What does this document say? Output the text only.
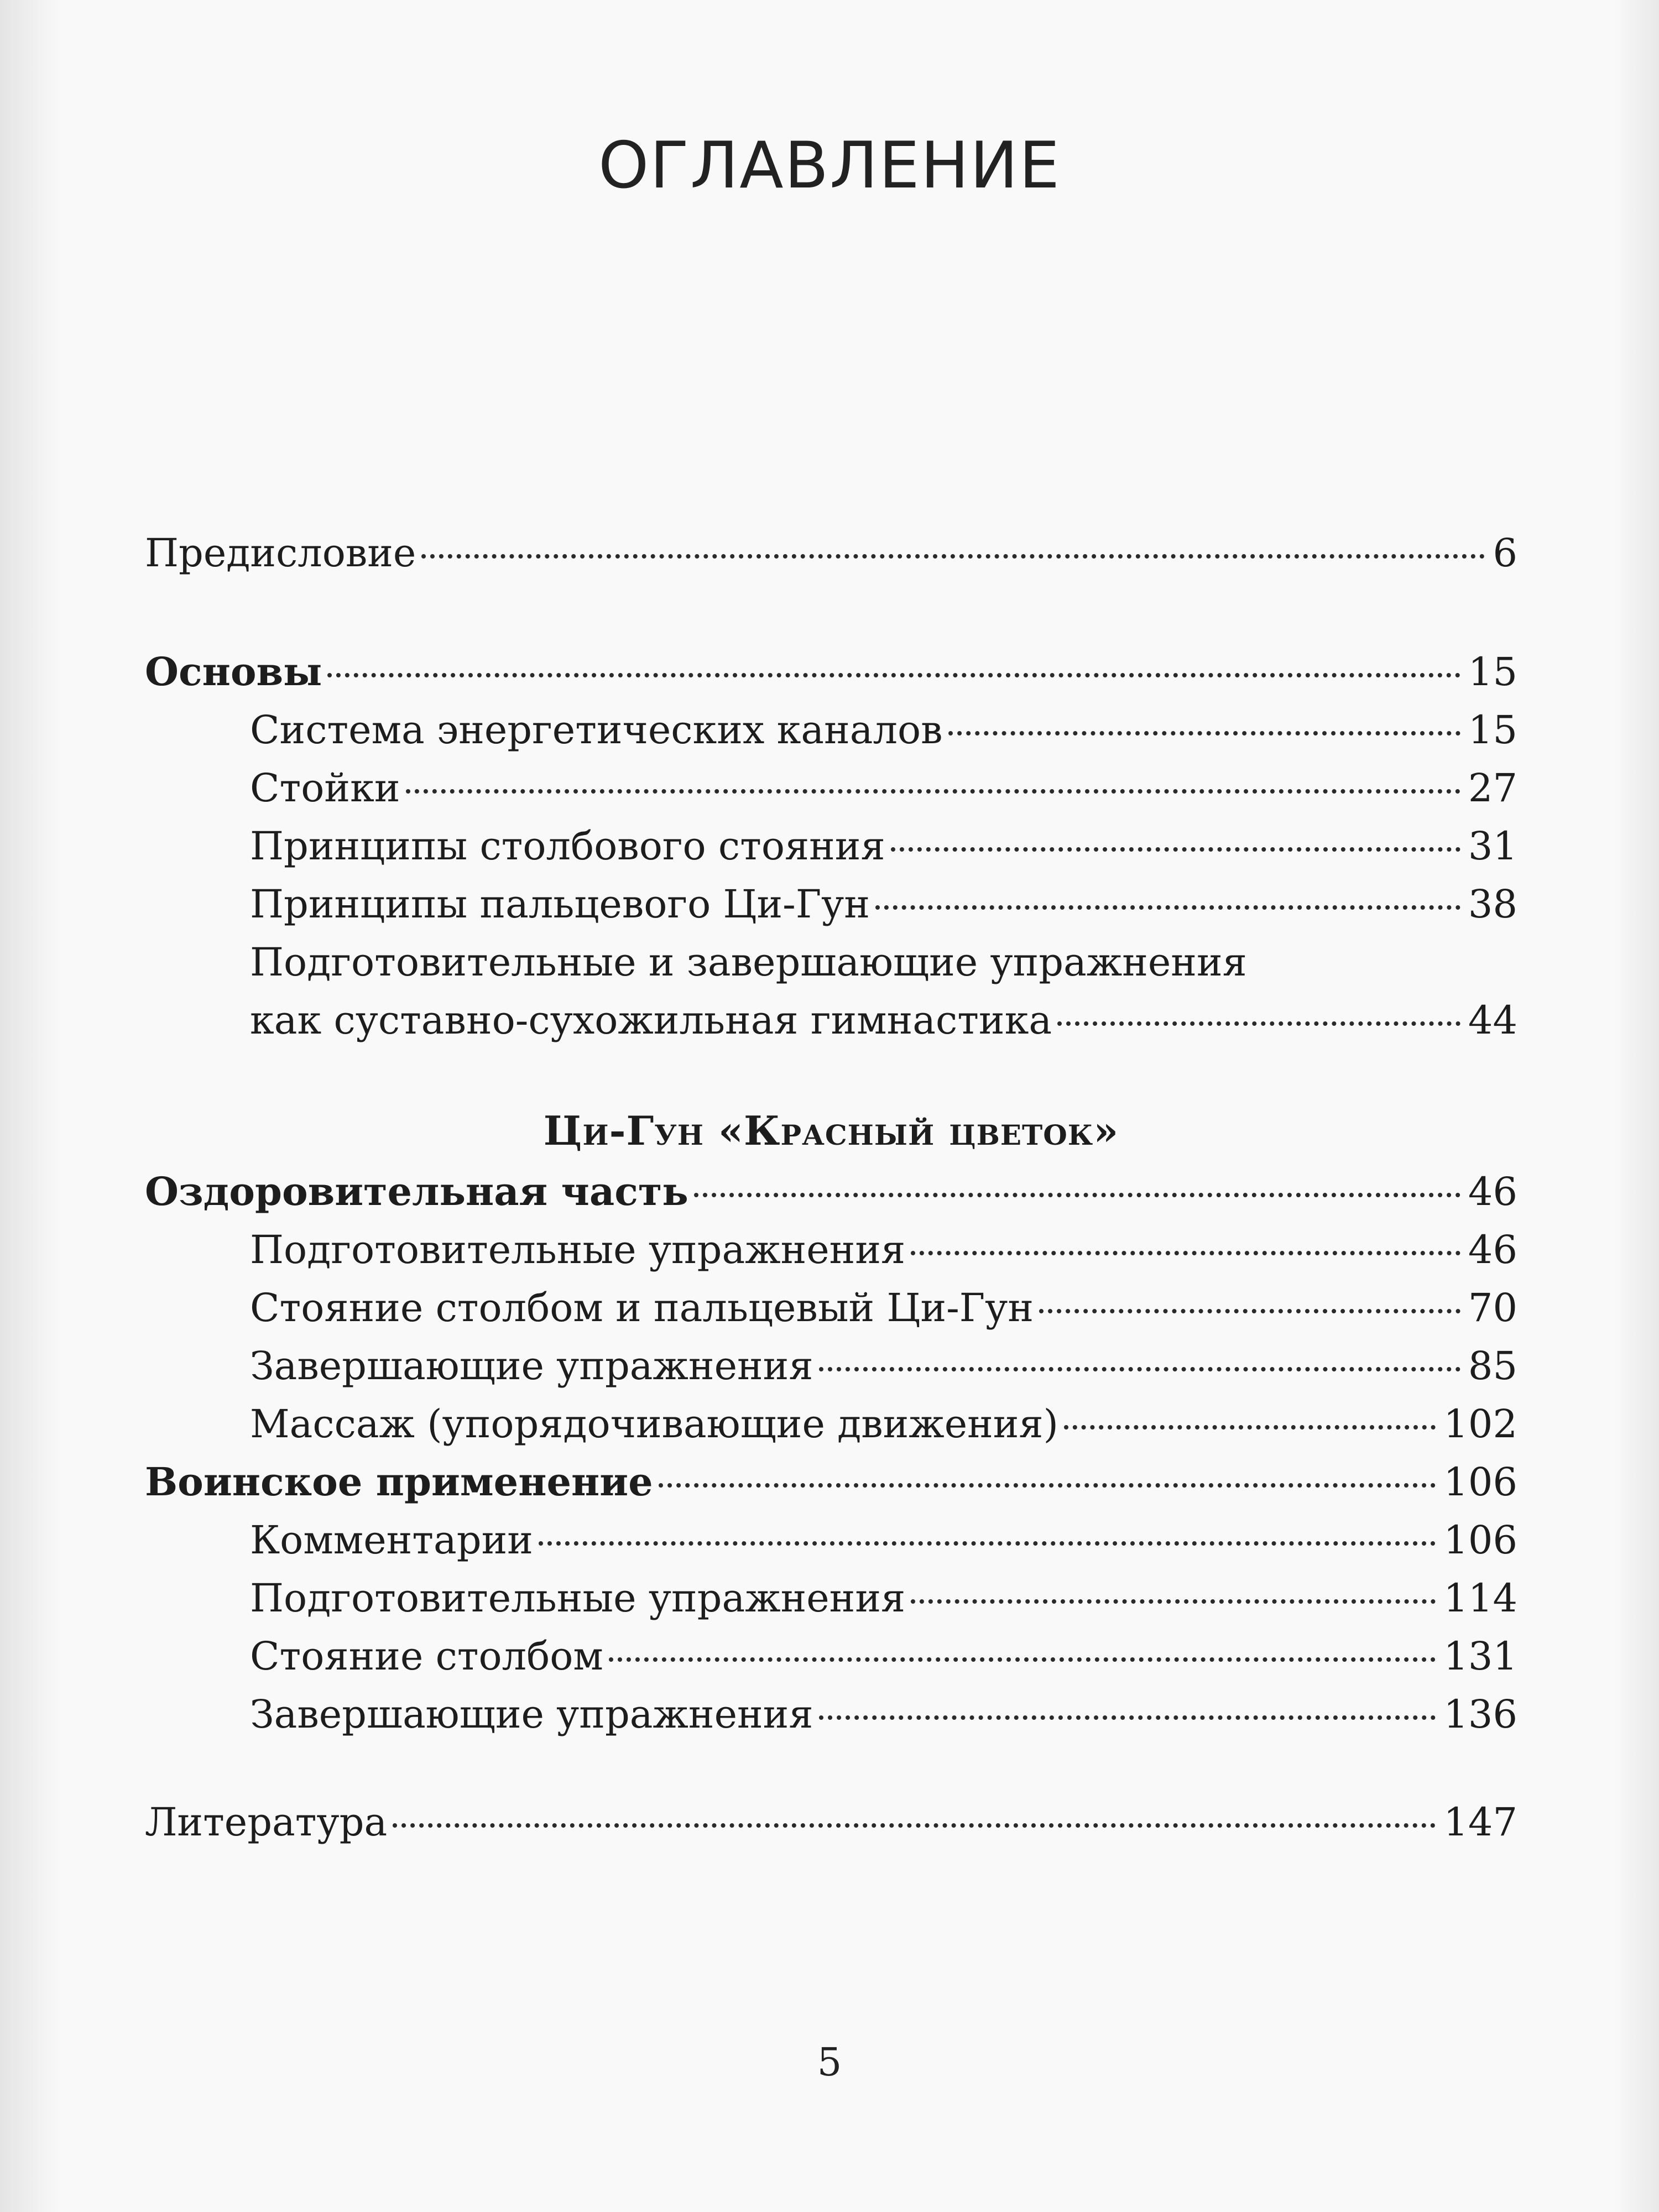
ОГЛАВЛЕНИЕ
Предисловие	6
Основы	15
Система энергетических каналов	15
Стойки	27
Принципы столбового стояния	31
Принципы пальцевого Ци-Гун	38
Подготовительные и завершающие упражнения
как суставно-сухожильная гимнастика	44
Ци-Гун «Красный цветок»
Оздоровительная часть	46
Подготовительные упражнения	46
Стояние столбом и пальцевый Ци-Гун	70
Завершающие упражнения	85
Массаж (упорядочивающие движения)	102
Воинское применение	106
Комментарии	106
Подготовительные упражнения	114
Стояние столбом	131
Завершающие упражнения	136
Литература	147
5
